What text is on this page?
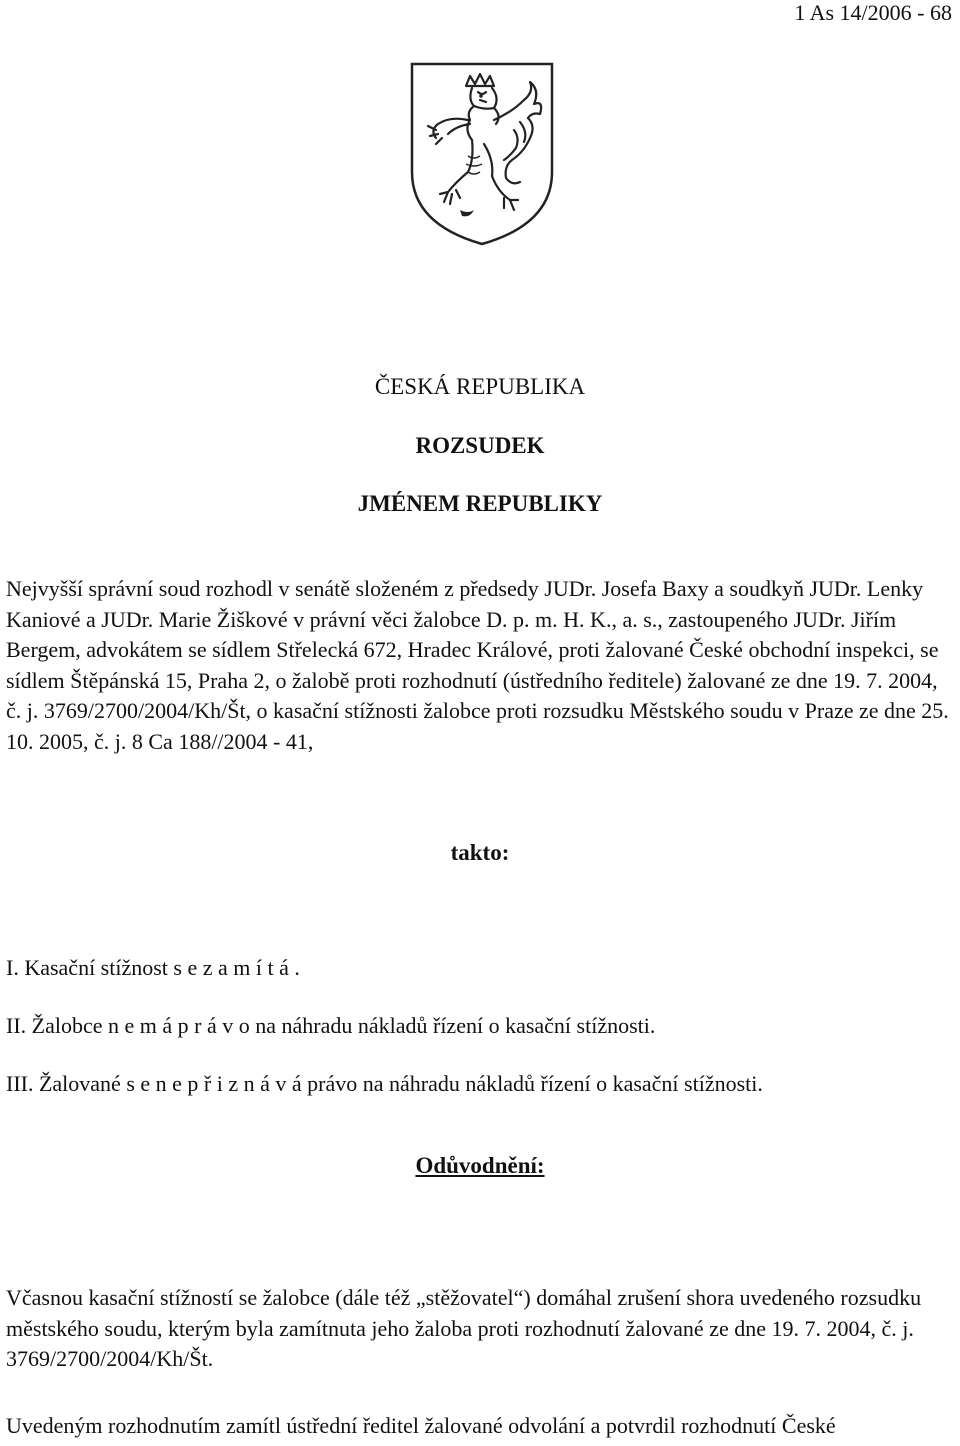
1 As 14/2006 - 68
ČESKÁ REPUBLIKA
ROZSUDEK
JMÉNEM REPUBLIKY

Nejvyšší správní soud rozhodl v senátě složeném z předsedy JUDr. Josefa Baxy a soudkyň JUDr. Lenky Kaniové a JUDr. Marie Žiškové v právní věci žalobce D. p. m. H. K., a. s., zastoupeného JUDr. Jiřím Bergem, advokátem se sídlem Střelecká 672, Hradec Králové, proti žalované České obchodní inspekci, se sídlem Štěpánská 15, Praha 2, o žalobě proti rozhodnutí (ústředního ředitele) žalované ze dne 19. 7. 2004, č. j. 3769/2700/2004/Kh/Št, o kasační stížnosti žalobce proti rozsudku Městského soudu v Praze ze dne 25. 10. 2005, č. j. 8 Ca 188//2004 - 41,

takto:
I. Kasační stížnost s e z a m í t á .
II. Žalobce n e m á p r á v o na náhradu nákladů řízení o kasační stížnosti.
III. Žalované s e n e p ř i z n á v á právo na náhradu nákladů řízení o kasační stížnosti.
Odůvodnění:

Včasnou kasační stížností se žalobce (dále též „stěžovatel“) domáhal zrušení shora uvedeného rozsudku městského soudu, kterým byla zamítnuta jeho žaloba proti rozhodnutí žalované ze dne 19. 7. 2004, č. j. 3769/2700/2004/Kh/Št.

Uvedeným rozhodnutím zamítl ústřední ředitel žalované odvolání a potvrdil rozhodnutí České
